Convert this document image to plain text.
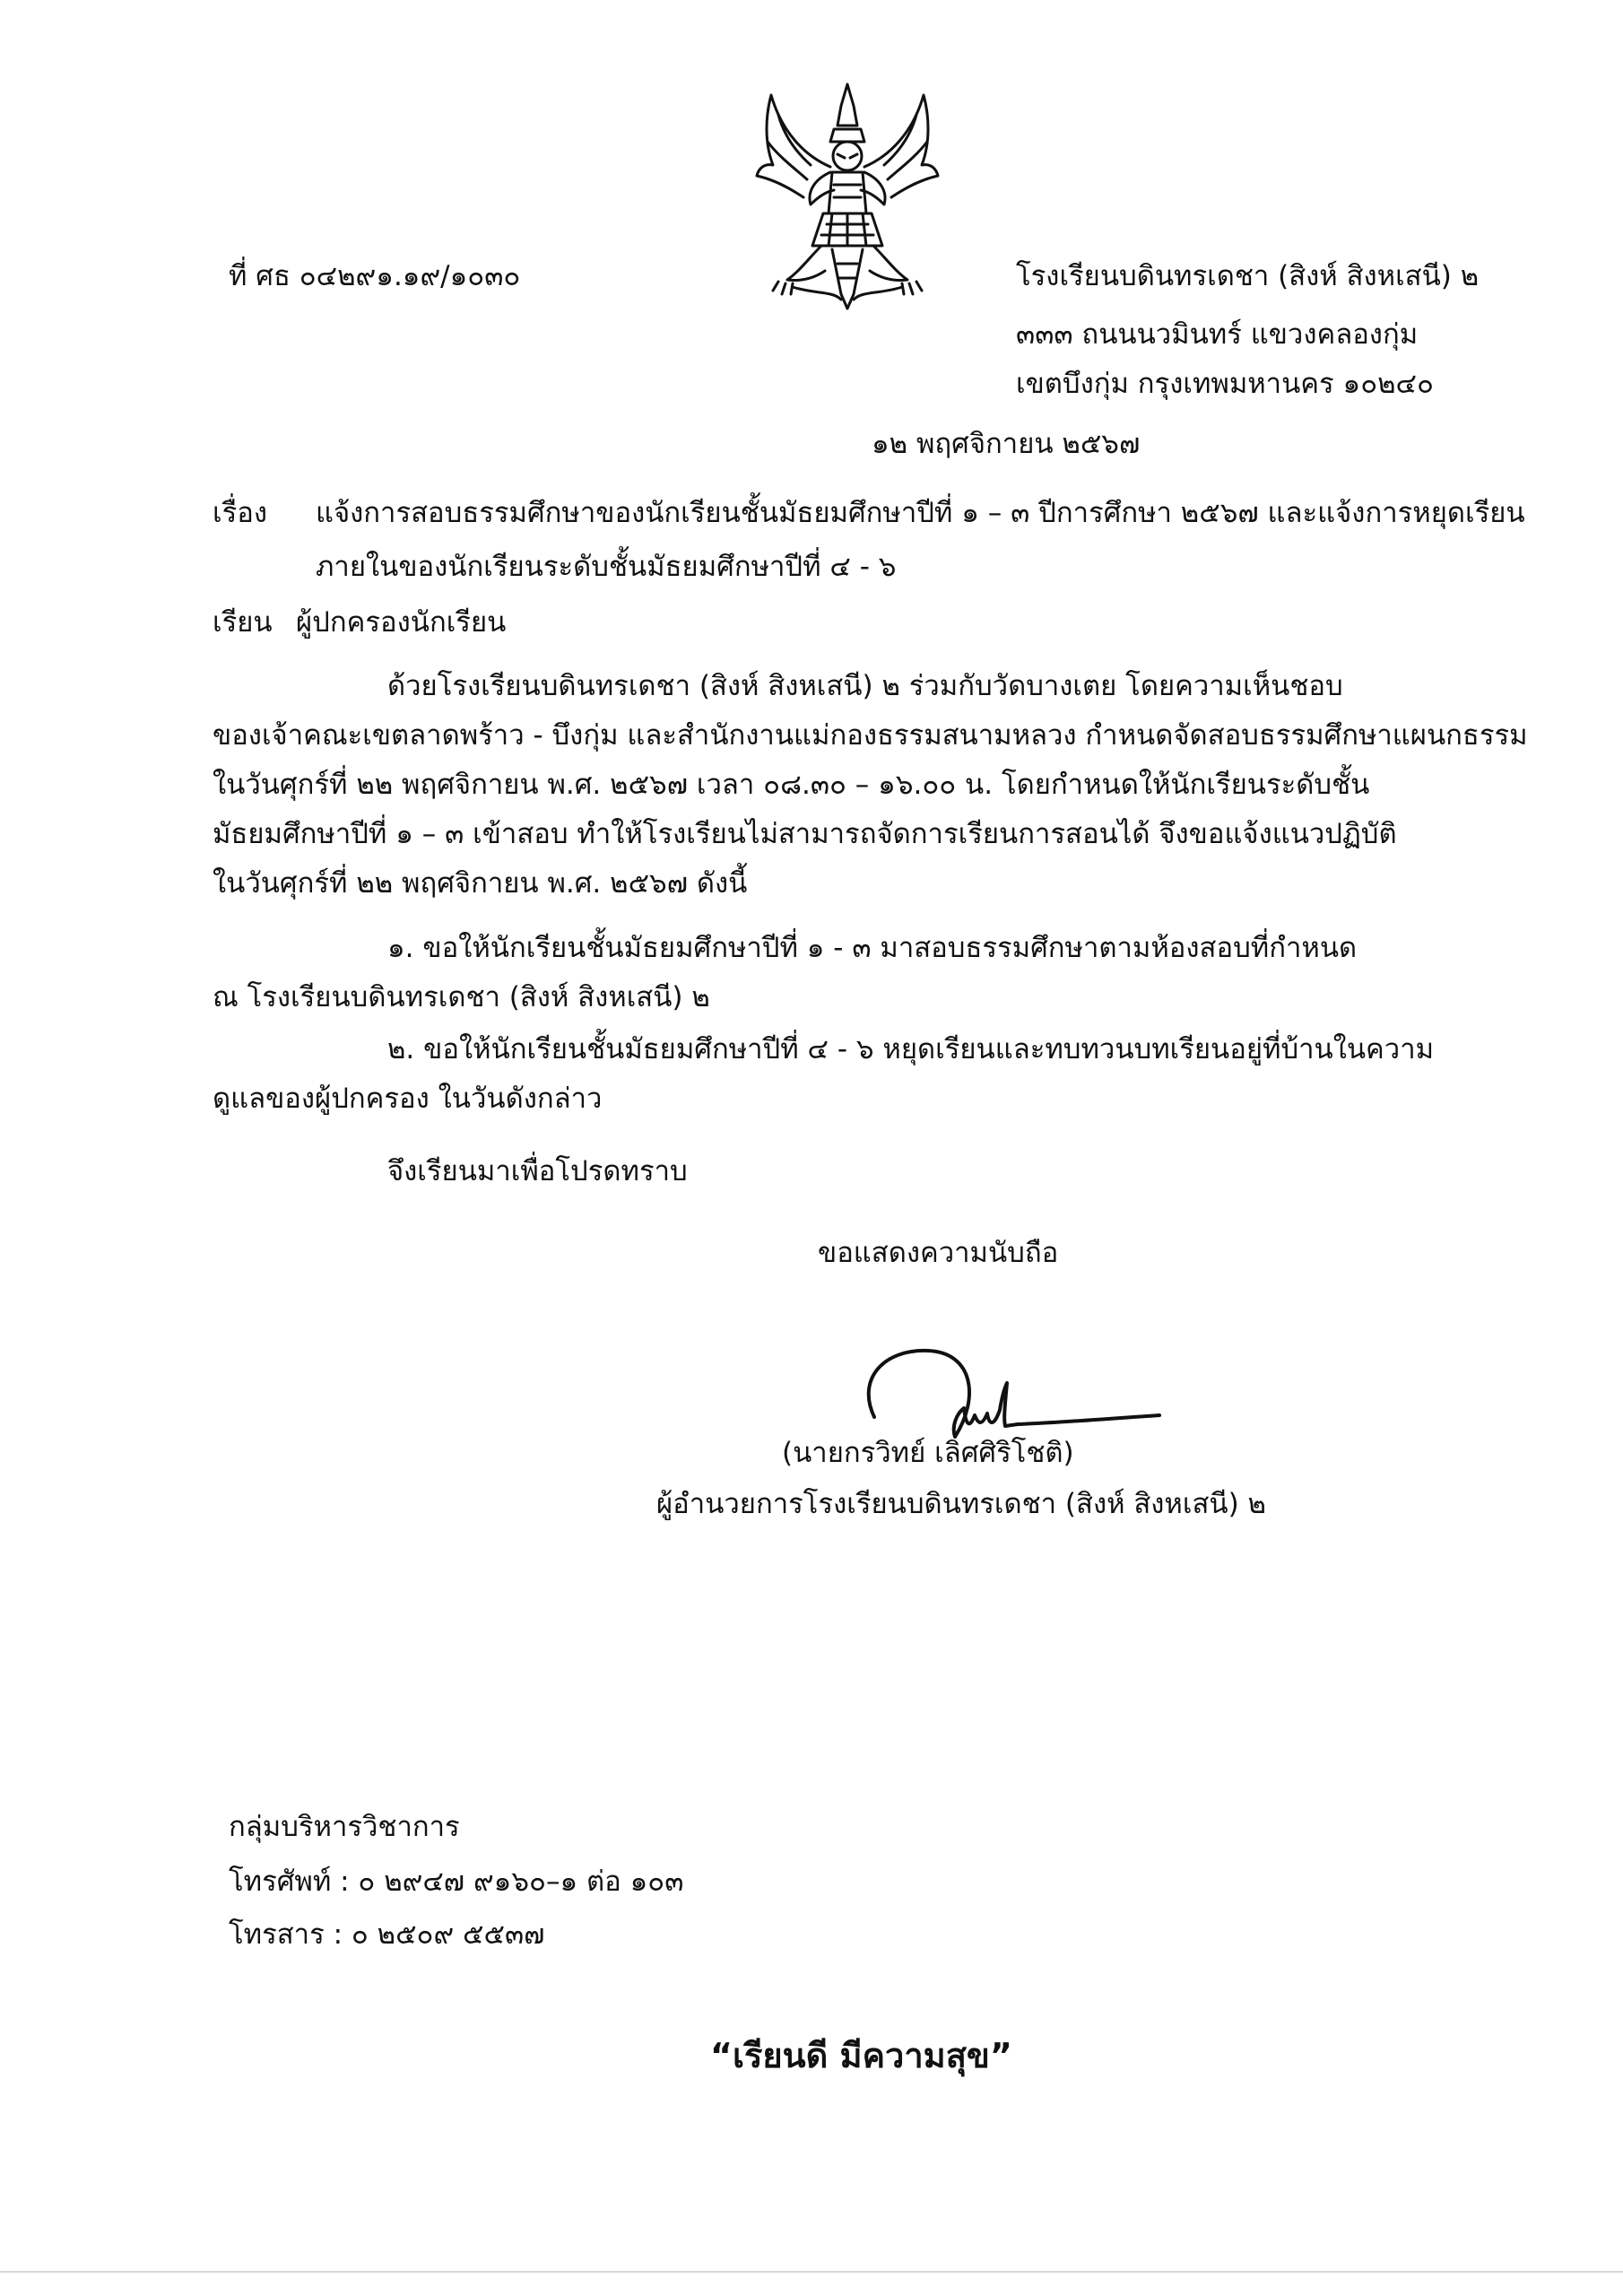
ที่ ศธ ๐๔๒๙๑.๑๙/๑๐๓๐	โรงเรียนบดินทรเดชา (สิงห์ สิงหเสนี) ๒
๓๓๓ ถนนนวมินทร์ แขวงคลองกุ่ม
เขตบึงกุ่ม กรุงเทพมหานคร ๑๐๒๔๐
๑๒ พฤศจิกายน ๒๕๖๗
เรื่อง แจ้งการสอบธรรมศึกษาของนักเรียนชั้นมัธยมศึกษาปีที่ ๑ – ๓ ปีการศึกษา ๒๕๖๗ และแจ้งการหยุดเรียน
ภายในของนักเรียนระดับชั้นมัธยมศึกษาปีที่ ๔ - ๖
เรียน ผู้ปกครองนักเรียน
ด้วยโรงเรียนบดินทรเดชา (สิงห์ สิงหเสนี) ๒ ร่วมกับวัดบางเตย โดยความเห็นชอบ
ของเจ้าคณะเขตลาดพร้าว - บึงกุ่ม และสำนักงานแม่กองธรรมสนามหลวง กำหนดจัดสอบธรรมศึกษาแผนกธรรม
ในวันศุกร์ที่ ๒๒ พฤศจิกายน พ.ศ. ๒๕๖๗ เวลา ๐๘.๓๐ – ๑๖.๐๐ น. โดยกำหนดให้นักเรียนระดับชั้น
มัธยมศึกษาปีที่ ๑ – ๓ เข้าสอบ ทำให้โรงเรียนไม่สามารถจัดการเรียนการสอนได้ จึงขอแจ้งแนวปฏิบัติ
ในวันศุกร์ที่ ๒๒ พฤศจิกายน พ.ศ. ๒๕๖๗ ดังนี้
๑. ขอให้นักเรียนชั้นมัธยมศึกษาปีที่ ๑ - ๓ มาสอบธรรมศึกษาตามห้องสอบที่กำหนด
ณ โรงเรียนบดินทรเดชา (สิงห์ สิงหเสนี) ๒
๒. ขอให้นักเรียนชั้นมัธยมศึกษาปีที่ ๔ - ๖ หยุดเรียนและทบทวนบทเรียนอยู่ที่บ้านในความ
ดูแลของผู้ปกครอง ในวันดังกล่าว
จึงเรียนมาเพื่อโปรดทราบ
ขอแสดงความนับถือ
(นายกรวิทย์ เลิศศิริโชติ)
ผู้อำนวยการโรงเรียนบดินทรเดชา (สิงห์ สิงหเสนี) ๒
กลุ่มบริหารวิชาการ
โทรศัพท์ : ๐ ๒๙๔๗ ๙๑๖๐–๑ ต่อ ๑๐๓
โทรสาร : ๐ ๒๕๐๙ ๕๕๓๗
“เรียนดี มีความสุข”
